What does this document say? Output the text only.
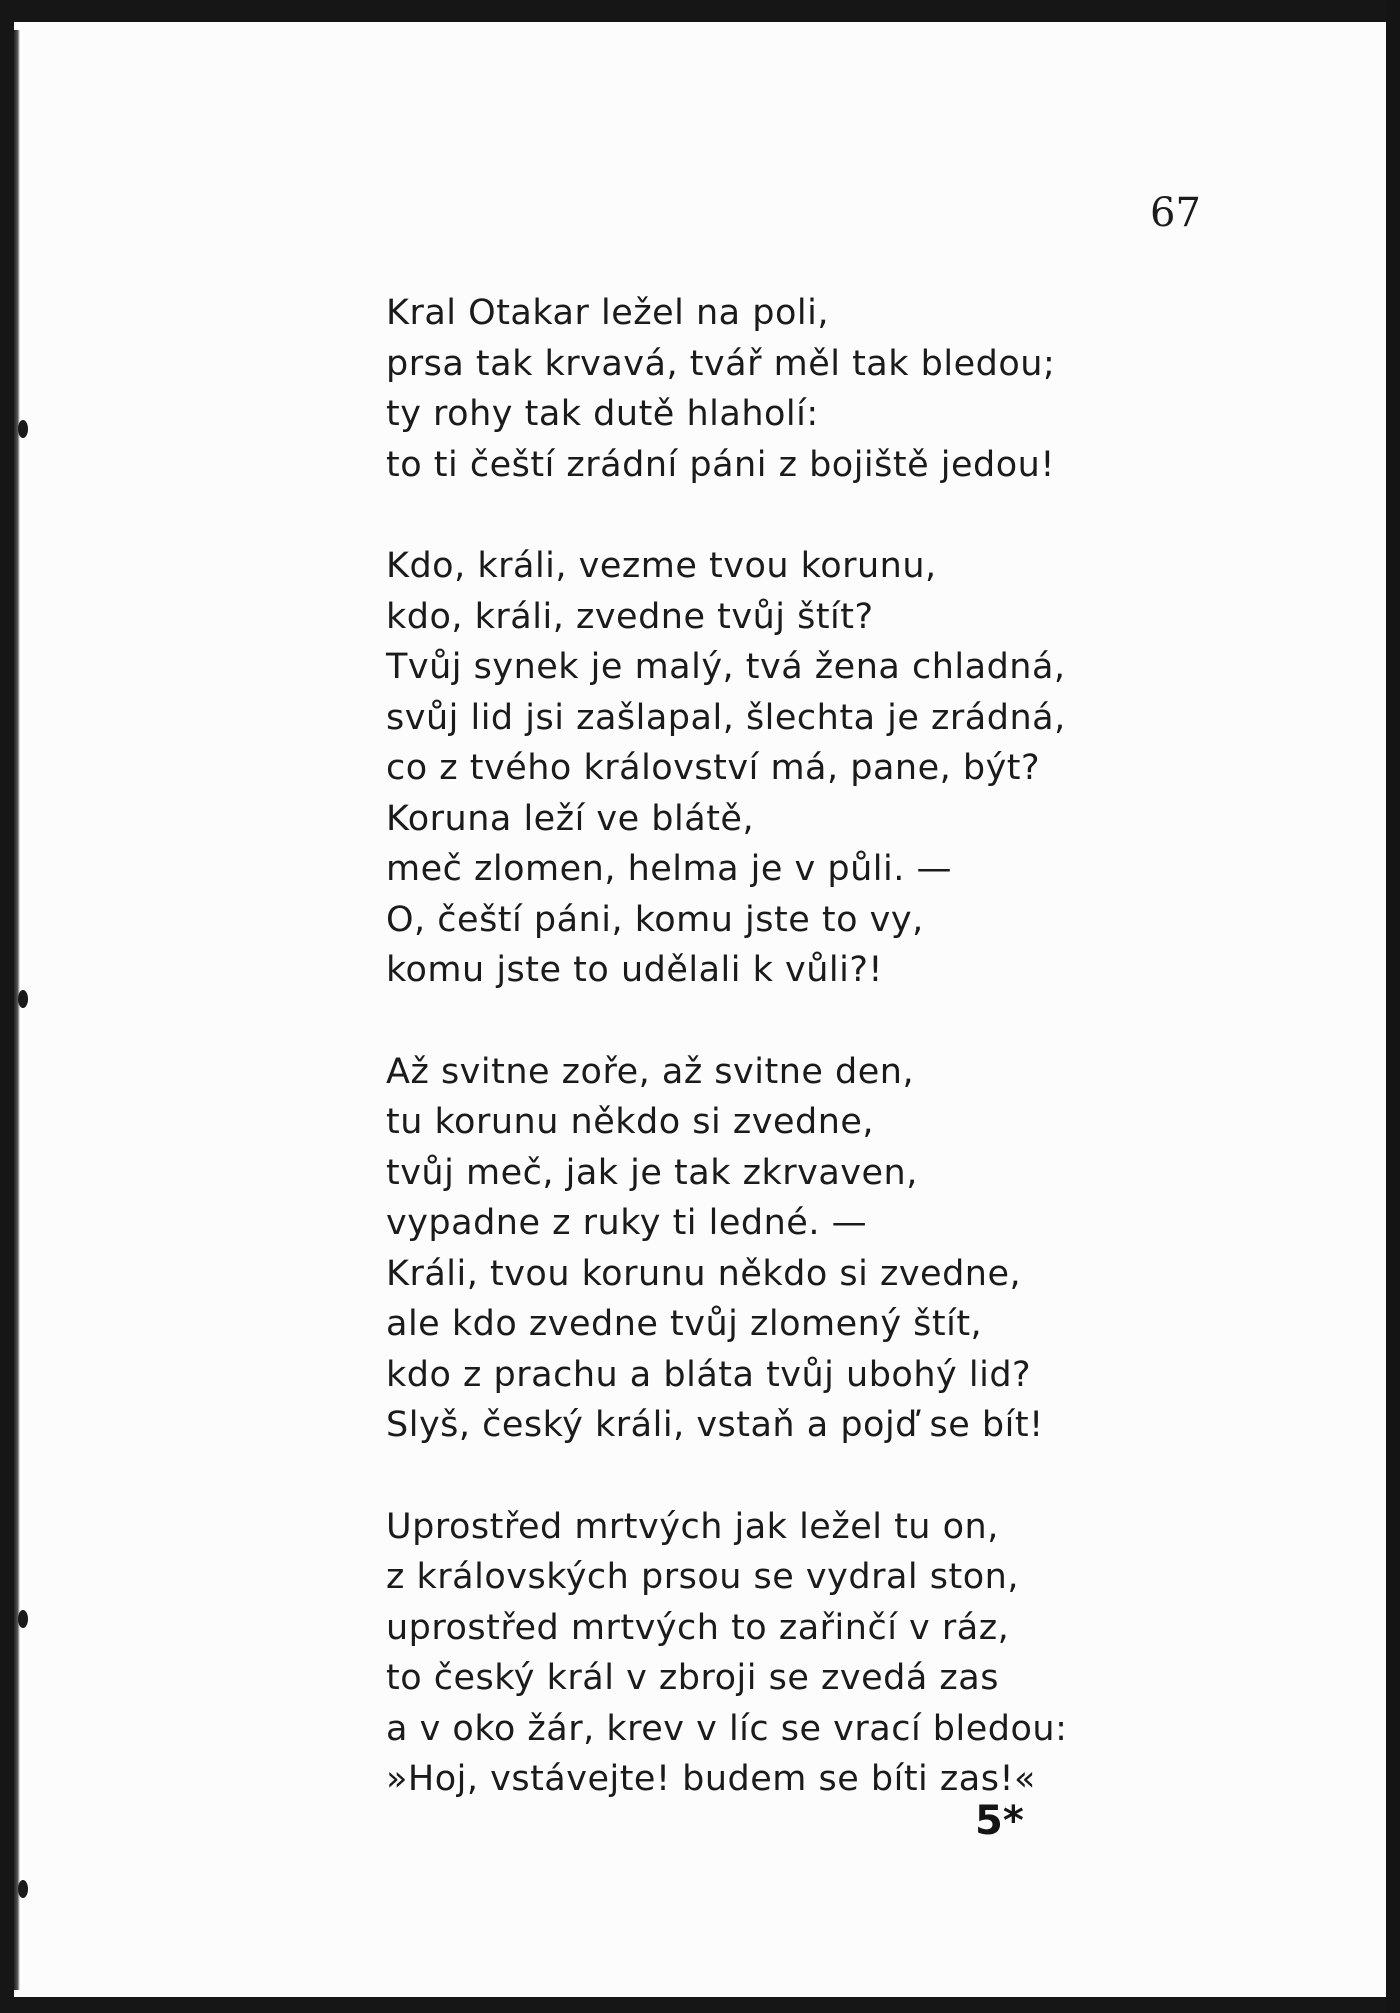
67
Kral Otakar ležel na poli,
prsa tak krvavá, tvář měl tak bledou;
ty rohy tak dutě hlaholí:
to ti čeští zrádní páni z bojiště jedou!
Kdo, králi, vezme tvou korunu,
kdo, králi, zvedne tvůj štít?
Tvůj synek je malý, tvá žena chladná,
svůj lid jsi zašlapal, šlechta je zrádná,
co z tvého království má, pane, být?
Koruna leží ve blátě,
meč zlomen, helma je v půli. —
O, čeští páni, komu jste to vy,
komu jste to udělali k vůli?!
Až svitne zoře, až svitne den,
tu korunu někdo si zvedne,
tvůj meč, jak je tak zkrvaven,
vypadne z ruky ti ledné. —
Králi, tvou korunu někdo si zvedne,
ale kdo zvedne tvůj zlomený štít,
kdo z prachu a bláta tvůj ubohý lid?
Slyš, český králi, vstaň a pojď se bít!
Uprostřed mrtvých jak ležel tu on,
z královských prsou se vydral ston,
uprostřed mrtvých to zařinčí v ráz,
to český král v zbroji se zvedá zas
a v oko žár, krev v líc se vrací bledou:
»Hoj, vstávejte! budem se bíti zas!«
5*
